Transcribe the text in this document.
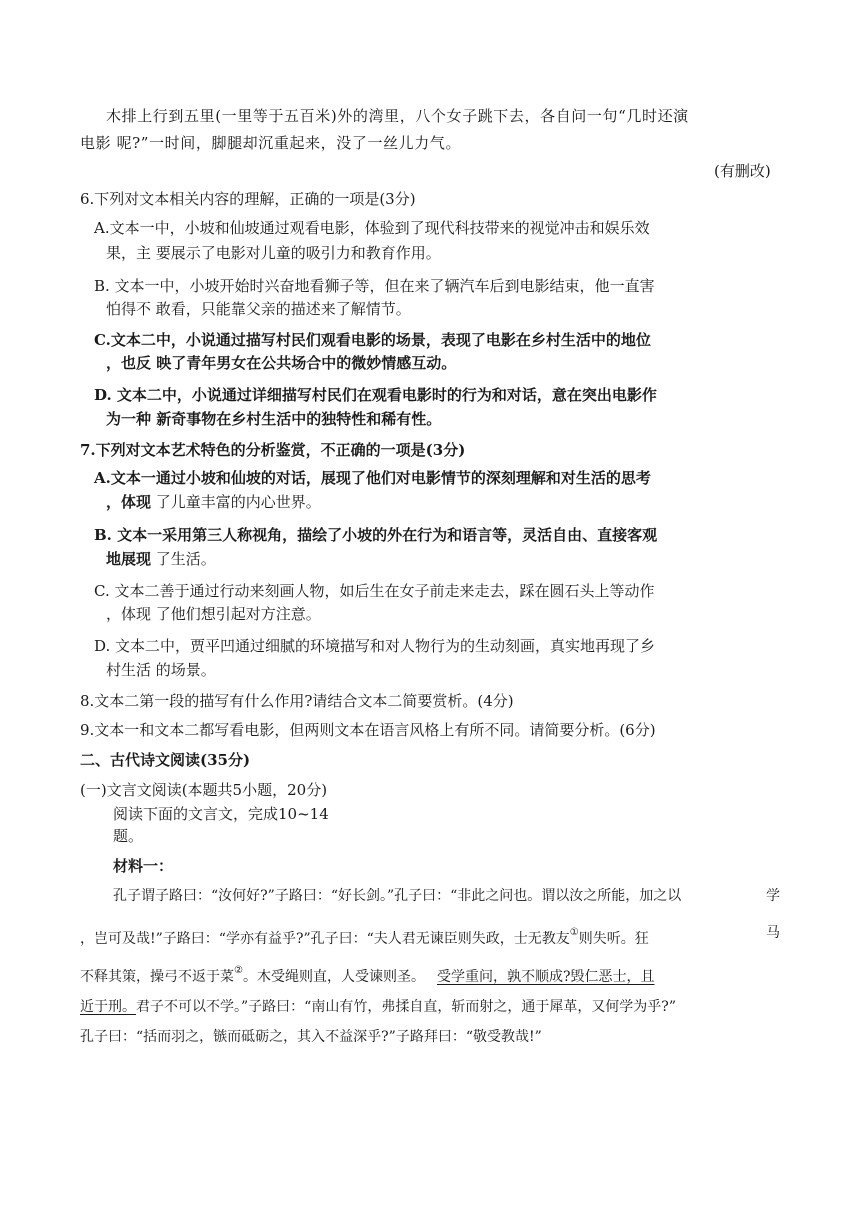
木排上行到五里(一里等于五百米)外的湾里，八个女子跳下去，各自问一句“几时还演
电影 呢?”一时间，脚腿却沉重起来，没了一丝儿力气。
(有删改)
6.下列对文本相关内容的理解，正确的一项是(3分)
A.文本一中，小坡和仙坡通过观看电影，体验到了现代科技带来的视觉冲击和娱乐效
果，主 要展示了电影对儿童的吸引力和教育作用。
B. 文本一中，小坡开始时兴奋地看狮子等，但在来了辆汽车后到电影结束，他一直害
怕得不 敢看，只能靠父亲的描述来了解情节。
C.文本二中，小说通过描写村民们观看电影的场景，表现了电影在乡村生活中的地位
，也反 映了青年男女在公共场合中的微妙情感互动。
D. 文本二中，小说通过详细描写村民们在观看电影时的行为和对话，意在突出电影作
为一种 新奇事物在乡村生活中的独特性和稀有性。
7.下列对文本艺术特色的分析鉴赏，不正确的一项是(3分)
A.文本一通过小坡和仙坡的对话，展现了他们对电影情节的深刻理解和对生活的思考
，体现 了儿童丰富的内心世界。
B. 文本一采用第三人称视角，描绘了小坡的外在行为和语言等，灵活自由、直接客观
地展现 了生活。
C. 文本二善于通过行动来刻画人物，如后生在女子前走来走去，踩在圆石头上等动作
，体现 了他们想引起对方注意。
D. 文本二中，贾平凹通过细腻的环境描写和对人物行为的生动刻画，真实地再现了乡
村生活 的场景。
8.文本二第一段的描写有什么作用?请结合文本二简要赏析。(4分)
9.文本一和文本二都写看电影，但两则文本在语言风格上有所不同。请简要分析。(6分)
二、古代诗文阅读(35分)
(一)文言文阅读(本题共5小题，20分)
阅读下面的文言文，完成10~14
题。
材料一：
孔子谓子路曰：“汝何好?”子路曰：“好长剑。”孔子曰：“非此之问也。谓以汝之所能，加之以	学
，岂可及哉!”子路曰：“学亦有益乎?”孔子曰：“夫人君无谏臣则失政，士无教友①则失听。狂	马
不释其策，操弓不返于菜②。木受绳则直，人受谏则圣。 受学重问，孰不顺成?毁仁恶士，且
近于刑。君子不可以不学。”子路曰：“南山有竹，弗揉自直，斩而射之，通于犀革，又何学为乎?”
孔子曰：“括而羽之，镞而砥砺之，其入不益深乎?”子路拜曰：“敬受教哉!”
